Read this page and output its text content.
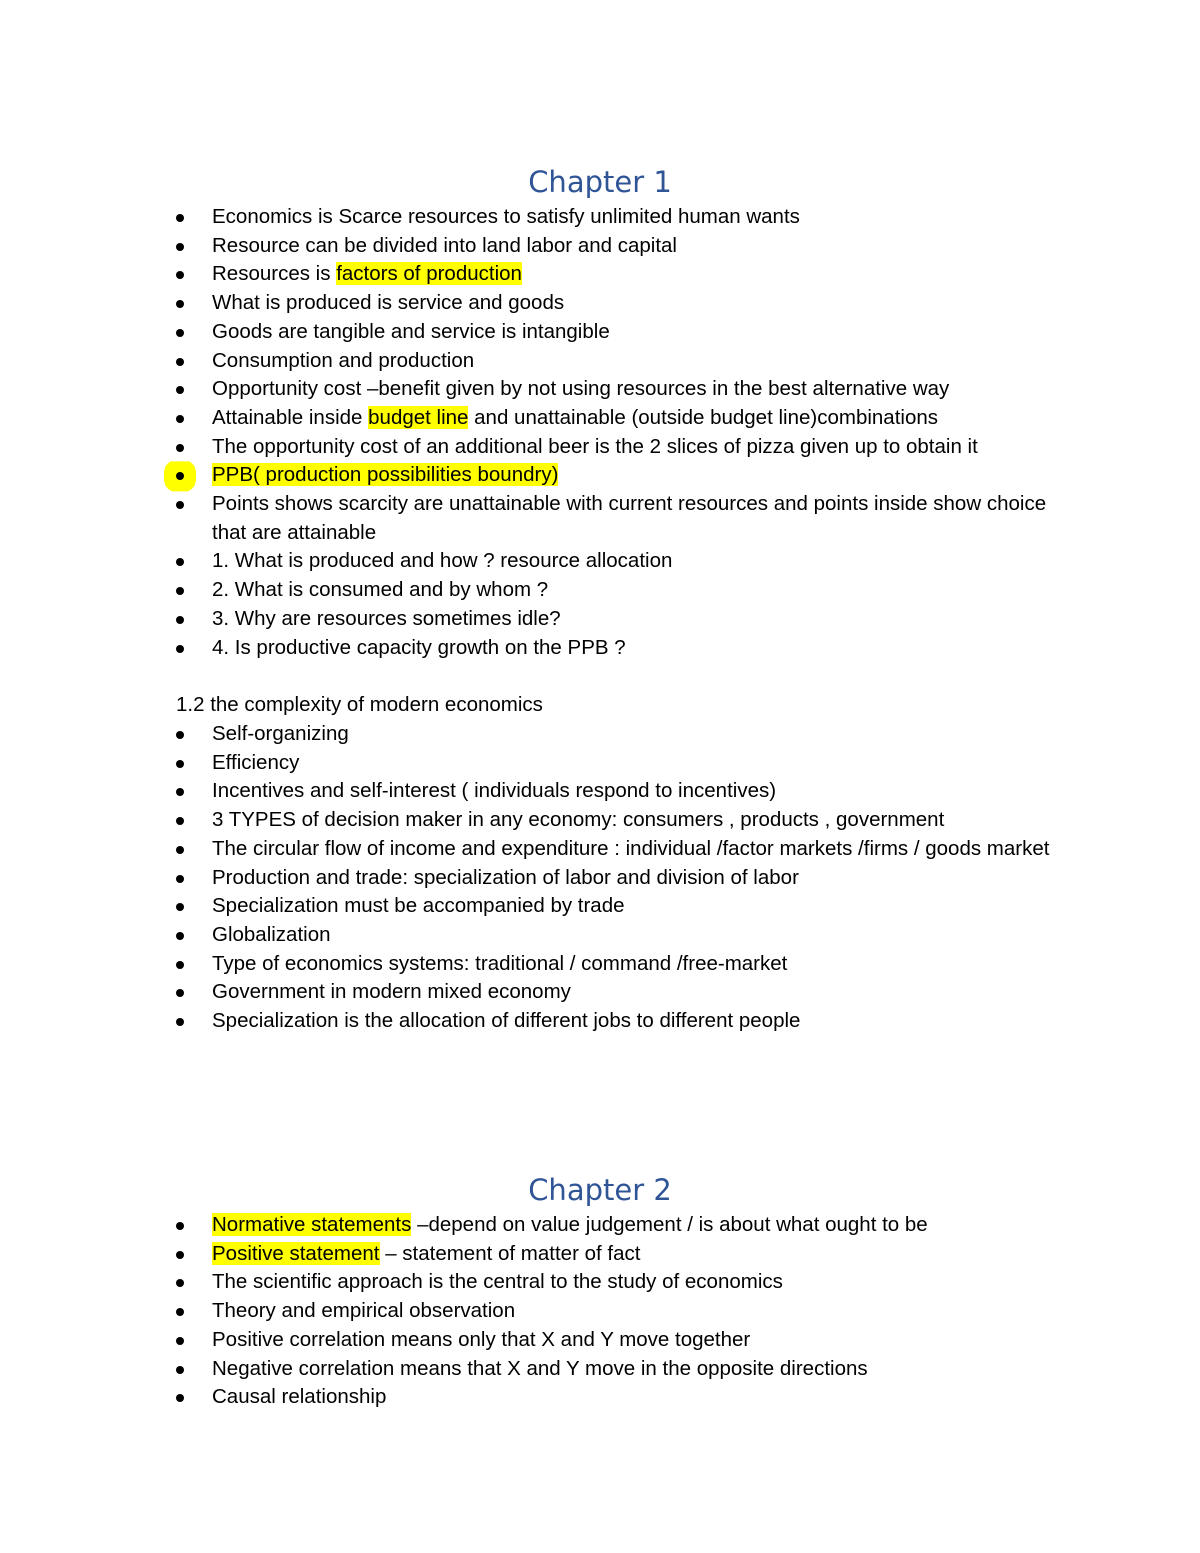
Chapter 1
Economics is Scarce resources to satisfy unlimited human wants
Resource can be divided into land labor and capital
Resources is factors of production
What is produced is service and goods
Goods are tangible and service is intangible
Consumption and production
Opportunity cost –benefit given by not using resources in the best alternative way
Attainable inside budget line and unattainable (outside budget line)combinations
The opportunity cost of an additional beer is the 2 slices of pizza given up to obtain it
PPB( production possibilities boundry)
Points shows scarcity are unattainable with current resources and points inside show choice that are attainable
1. What is produced and how ? resource allocation
2. What is consumed and by whom ?
3. Why are resources sometimes idle?
4. Is productive capacity growth on the PPB ?

1.2 the complexity of modern economics

Self-organizing
Efficiency
Incentives and self-interest ( individuals respond to incentives)
3 TYPES of decision maker in any economy: consumers , products , government
The circular flow of income and expenditure : individual /factor markets /firms / goods market
Production and trade: specialization of labor and division of labor
Specialization must be accompanied by trade
Globalization
Type of economics systems: traditional / command /free-market
Government in modern mixed economy
Specialization is the allocation of different jobs to different people
Chapter 2
Normative statements –depend on value judgement / is about what ought to be
Positive statement – statement of matter of fact
The scientific approach is the central to the study of economics
Theory and empirical observation
Positive correlation means only that X and Y move together
Negative correlation means that X and Y move in the opposite directions
Causal relationship
